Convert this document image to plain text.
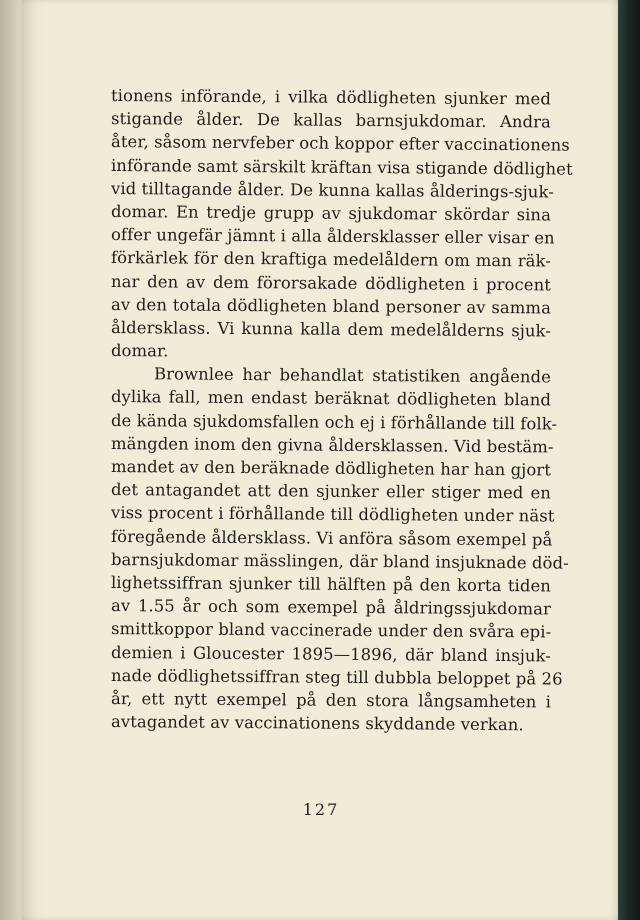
tionens införande, i vilka dödligheten sjunker med
stigande ålder. De kallas barnsjukdomar. Andra
åter, såsom nervfeber och koppor efter vaccinationens
införande samt särskilt kräftan visa stigande dödlighet
vid tilltagande ålder. De kunna kallas ålderings-sjuk-
domar. En tredje grupp av sjukdomar skördar sina
offer ungefär jämnt i alla åldersklasser eller visar en
förkärlek för den kraftiga medelåldern om man räk-
nar den av dem förorsakade dödligheten i procent
av den totala dödligheten bland personer av samma
åldersklass. Vi kunna kalla dem medelålderns sjuk-
domar.
Brownlee har behandlat statistiken angående
dylika fall, men endast beräknat dödligheten bland
de kända sjukdomsfallen och ej i förhållande till folk-
mängden inom den givna åldersklassen. Vid bestäm-
mandet av den beräknade dödligheten har han gjort
det antagandet att den sjunker eller stiger med en
viss procent i förhållande till dödligheten under näst
föregående åldersklass. Vi anföra såsom exempel på
barnsjukdomar mässlingen, där bland insjuknade död-
lighetssiffran sjunker till hälften på den korta tiden
av 1.55 år och som exempel på åldringssjukdomar
smittkoppor bland vaccinerade under den svåra epi-
demien i Gloucester 1895—1896, där bland insjuk-
nade dödlighetssiffran steg till dubbla beloppet på 26
år, ett nytt exempel på den stora långsamheten i
avtagandet av vaccinationens skyddande verkan.
127
